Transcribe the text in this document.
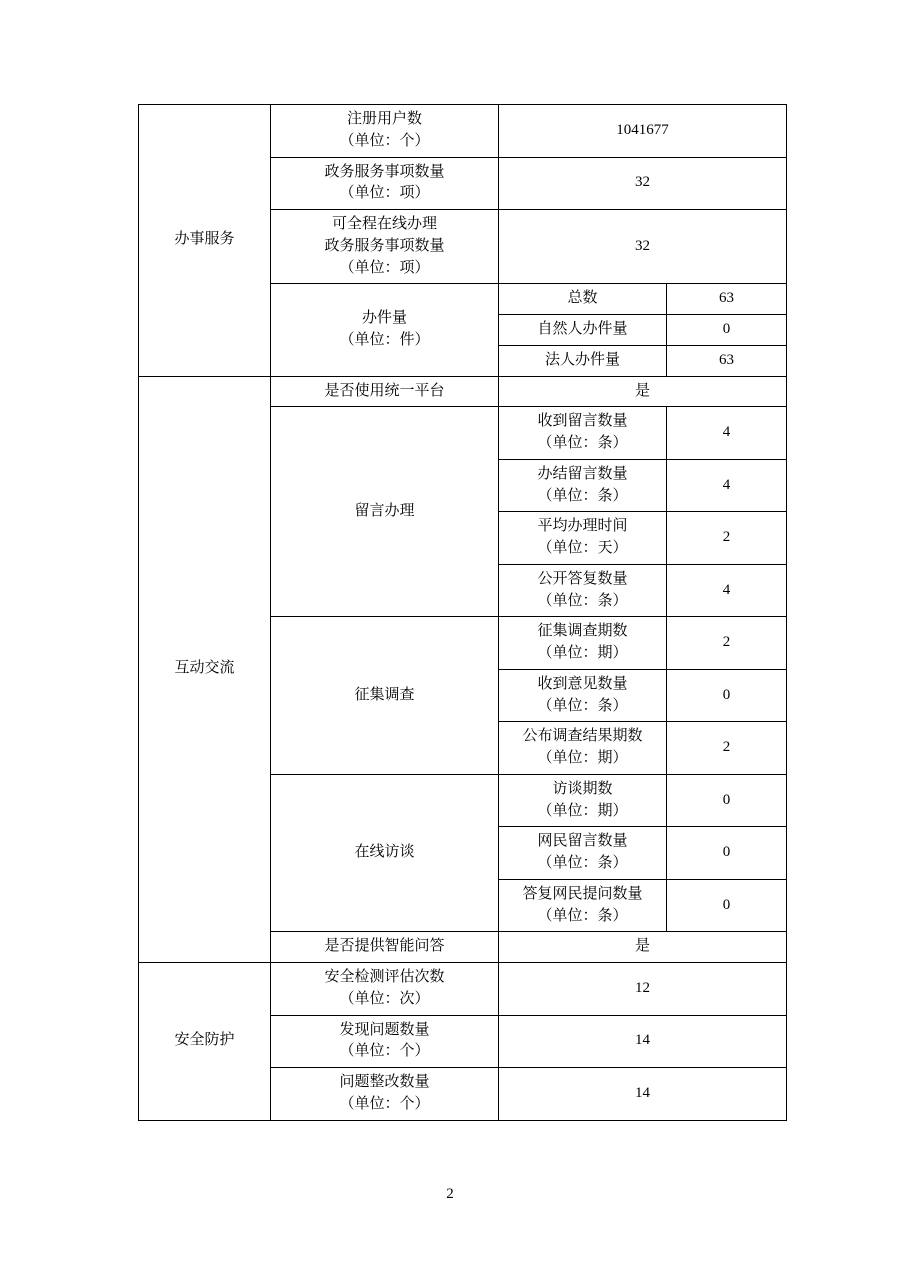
办事服务	注册用户数
（单位：个）	1041677	

	政务服务事项数量
（单位：项）	32	

	可全程在线办理
政务服务事项数量
（单位：项）	32	

	办件量
（单位：件）	总数	63
		自然人办件量	0
		法人办件量	63
互动交流	是否使用统一平台	是	
	留言办理	收到留言数量
（单位：条）	4

		办结留言数量
（单位：条）	4

		平均办理时间
（单位：天）	2

		公开答复数量
（单位：条）	4
	征集调查	征集调查期数
（单位：期）	2

		收到意见数量
（单位：条）	0

		公布调查结果期数
（单位：期）	2
	在线访谈	访谈期数
（单位：期）	0

		网民留言数量
（单位：条）	0

		答复网民提问数量
（单位：条）	0
	是否提供智能问答	是	
安全防护	安全检测评估次数
（单位：次）	12	

	发现问题数量
（单位：个）	14	

	问题整改数量
（单位：个）	14	
2
